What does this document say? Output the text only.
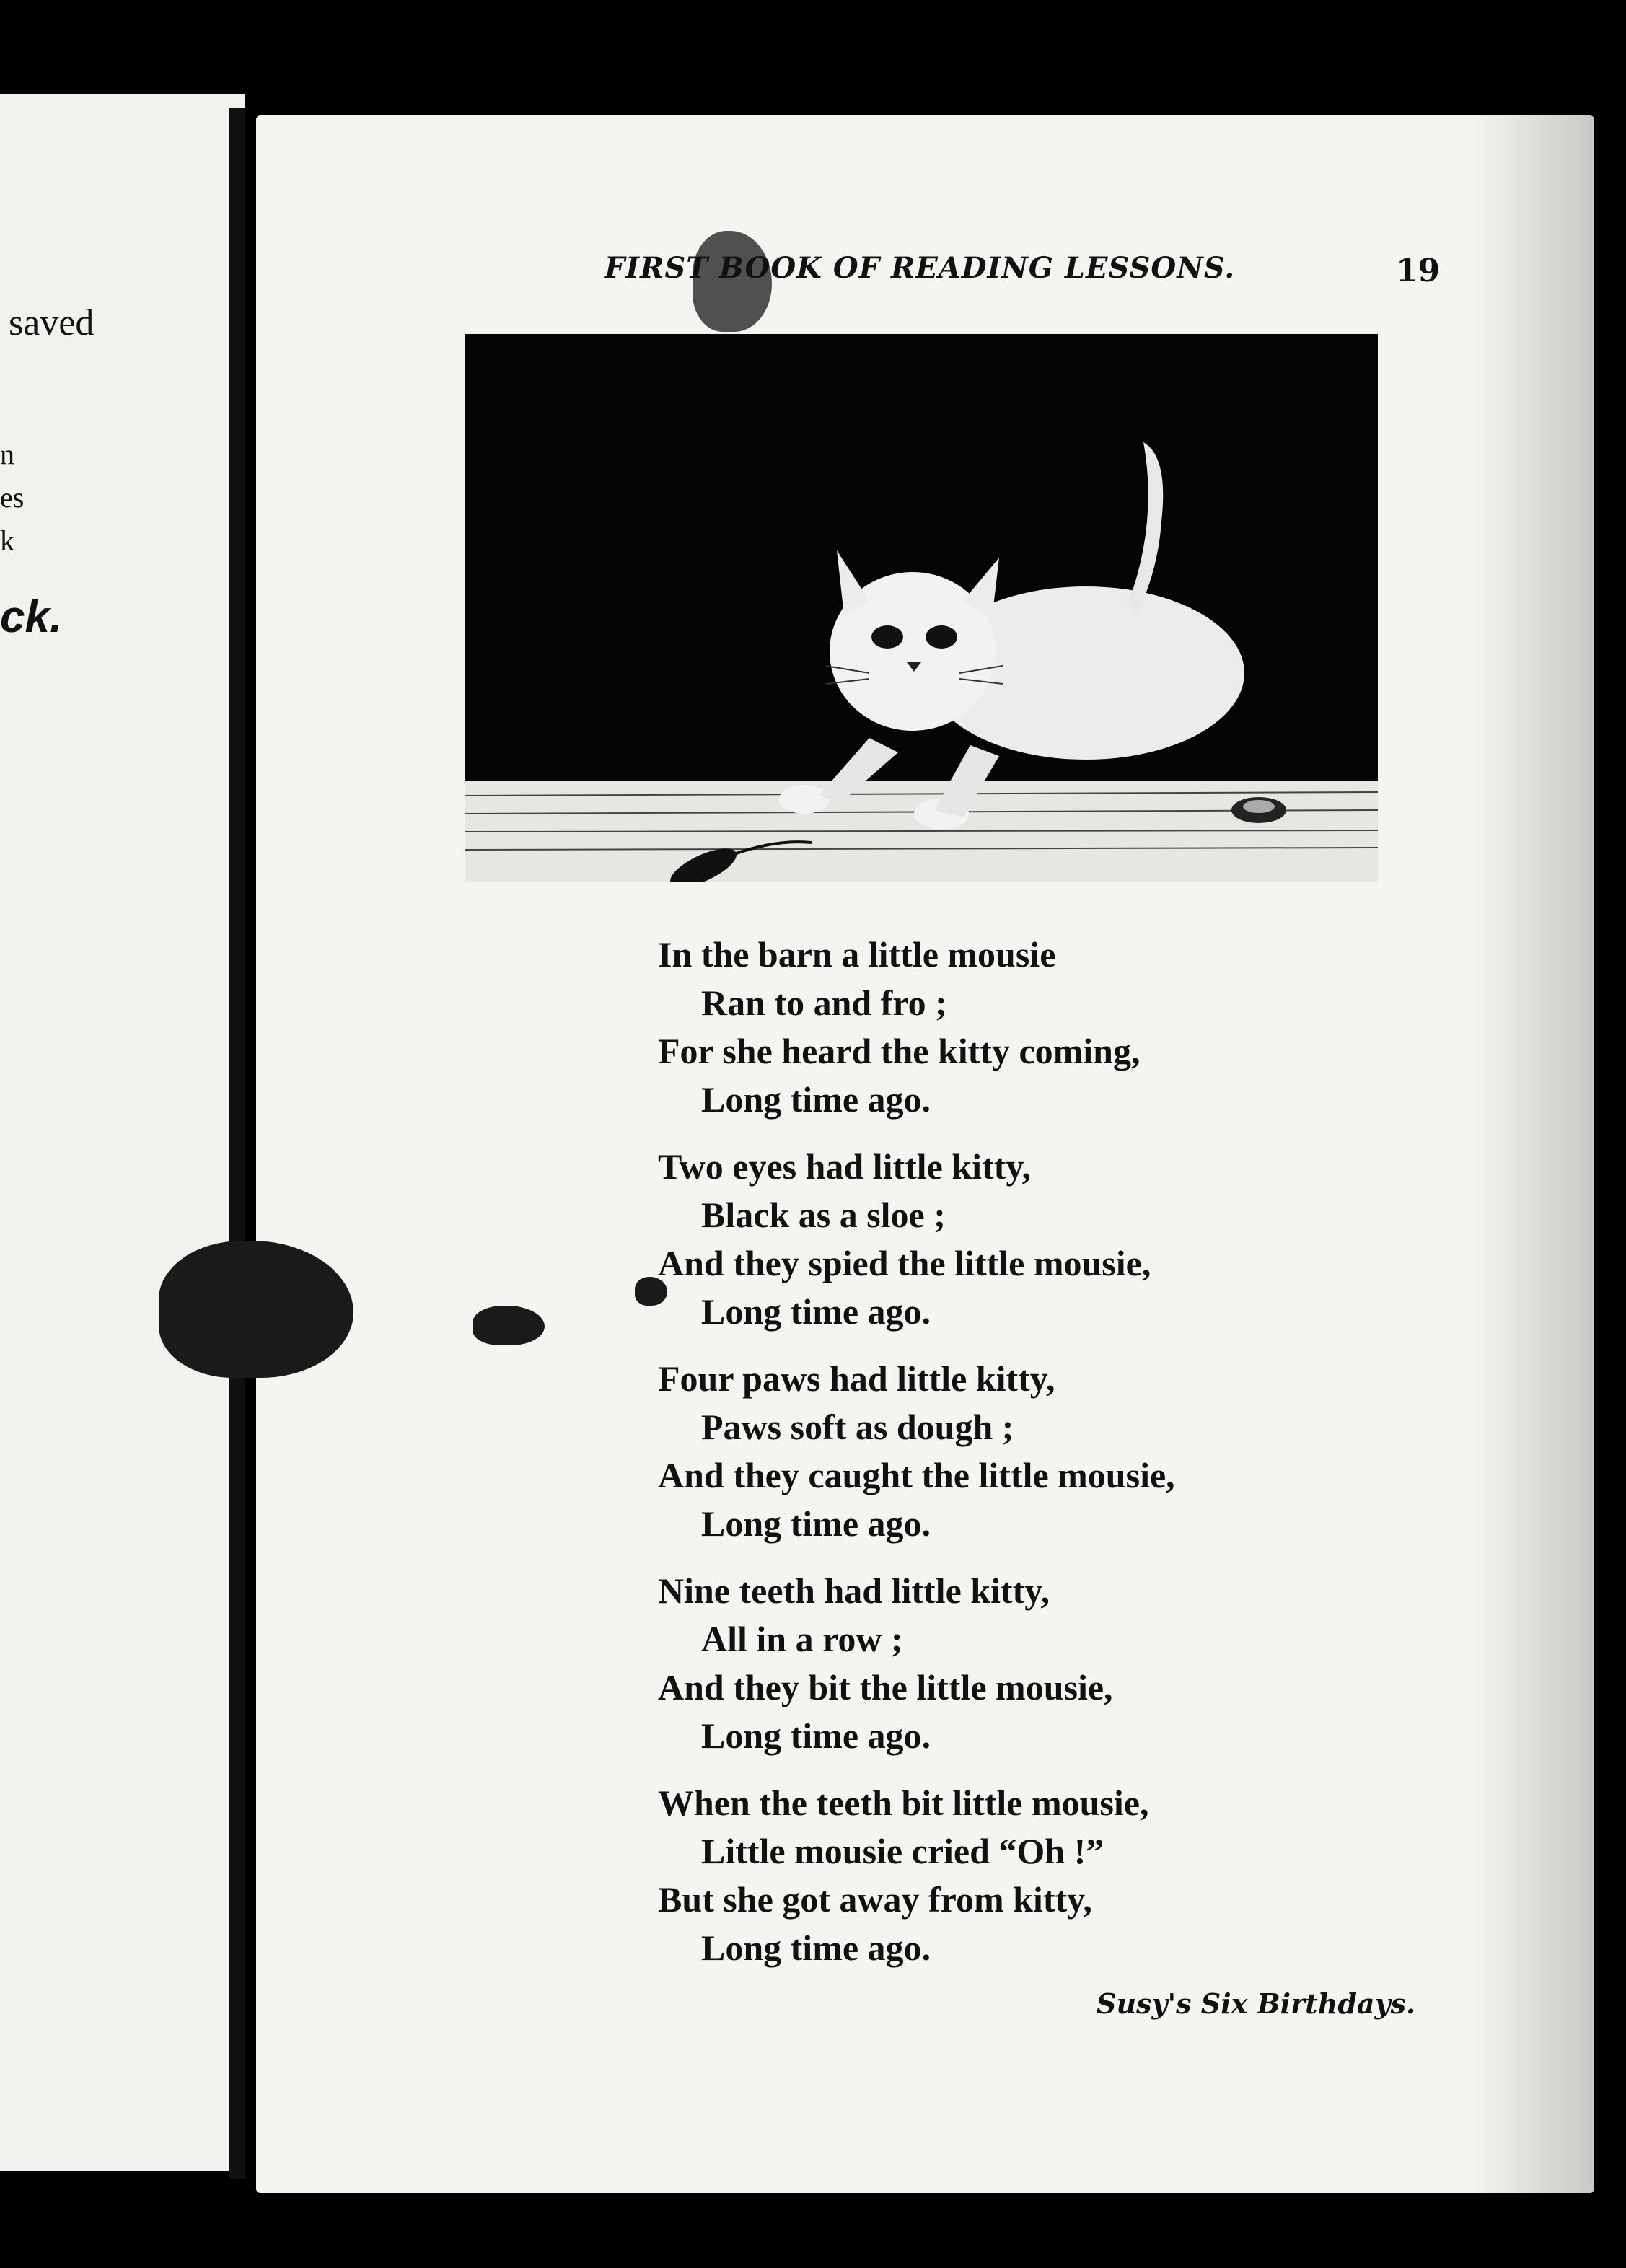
saved
n
es
k
ck.
FIRST BOOK OF READING LESSONS.	19
In the barn a little mousie
Ran to and fro ;
For she heard the kitty coming,
Long time ago.
Two eyes had little kitty,
Black as a sloe ;
And they spied the little mousie,
Long time ago.
Four paws had little kitty,
Paws soft as dough ;
And they caught the little mousie,
Long time ago.
Nine teeth had little kitty,
All in a row ;
And they bit the little mousie,
Long time ago.
When the teeth bit little mousie,
Little mousie cried “Oh !”
But she got away from kitty,
Long time ago.
Susy's Six Birthdays.
